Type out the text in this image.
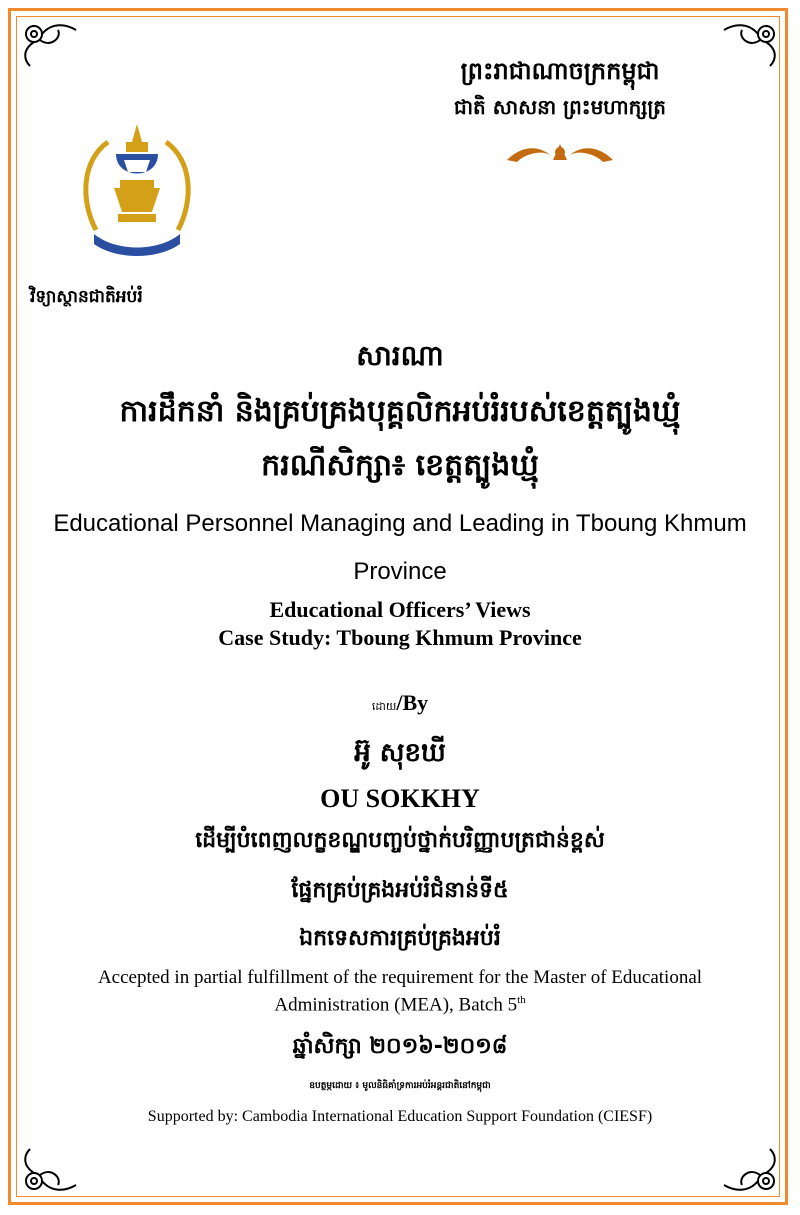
ព្រះរាជាណាចក្រកម្ពុជា
ជាតិ សាសនា ព្រះមហាក្សត្រ
វិទ្យាស្ថានជាតិអប់រំ
សារណា
ការដឹកនាំ និងគ្រប់គ្រងបុគ្គលិកអប់រំរបស់ខេត្តត្បូងឃ្មុំ
ករណីសិក្សា៖ ខេត្តត្បូងឃ្មុំ
Educational Personnel Managing and Leading in Tboung Khmum
Province
Educational Officers’ Views
Case Study: Tboung Khmum Province
ដោយ/By
អ៊ូ សុខឃី
OU SOKKHY
ដើម្បីបំពេញលក្ខខណ្ឌបញ្ចប់ថ្នាក់បរិញ្ញាបត្រជាន់ខ្ពស់
ផ្នែកគ្រប់គ្រងអប់រំជំនាន់ទី៥
ឯកទេសការគ្រប់គ្រងអប់រំ
Accepted in partial fulfillment of the requirement for the Master of Educational
Administration (MEA), Batch 5th
ឆ្នាំសិក្សា ២០១៦-២០១៨
ឧបត្ថម្ភដោយ ៖ មូលនិធិគាំទ្រការអប់រំអន្តរជាតិនៅកម្ពុជា
Supported by: Cambodia International Education Support Foundation (CIESF)
